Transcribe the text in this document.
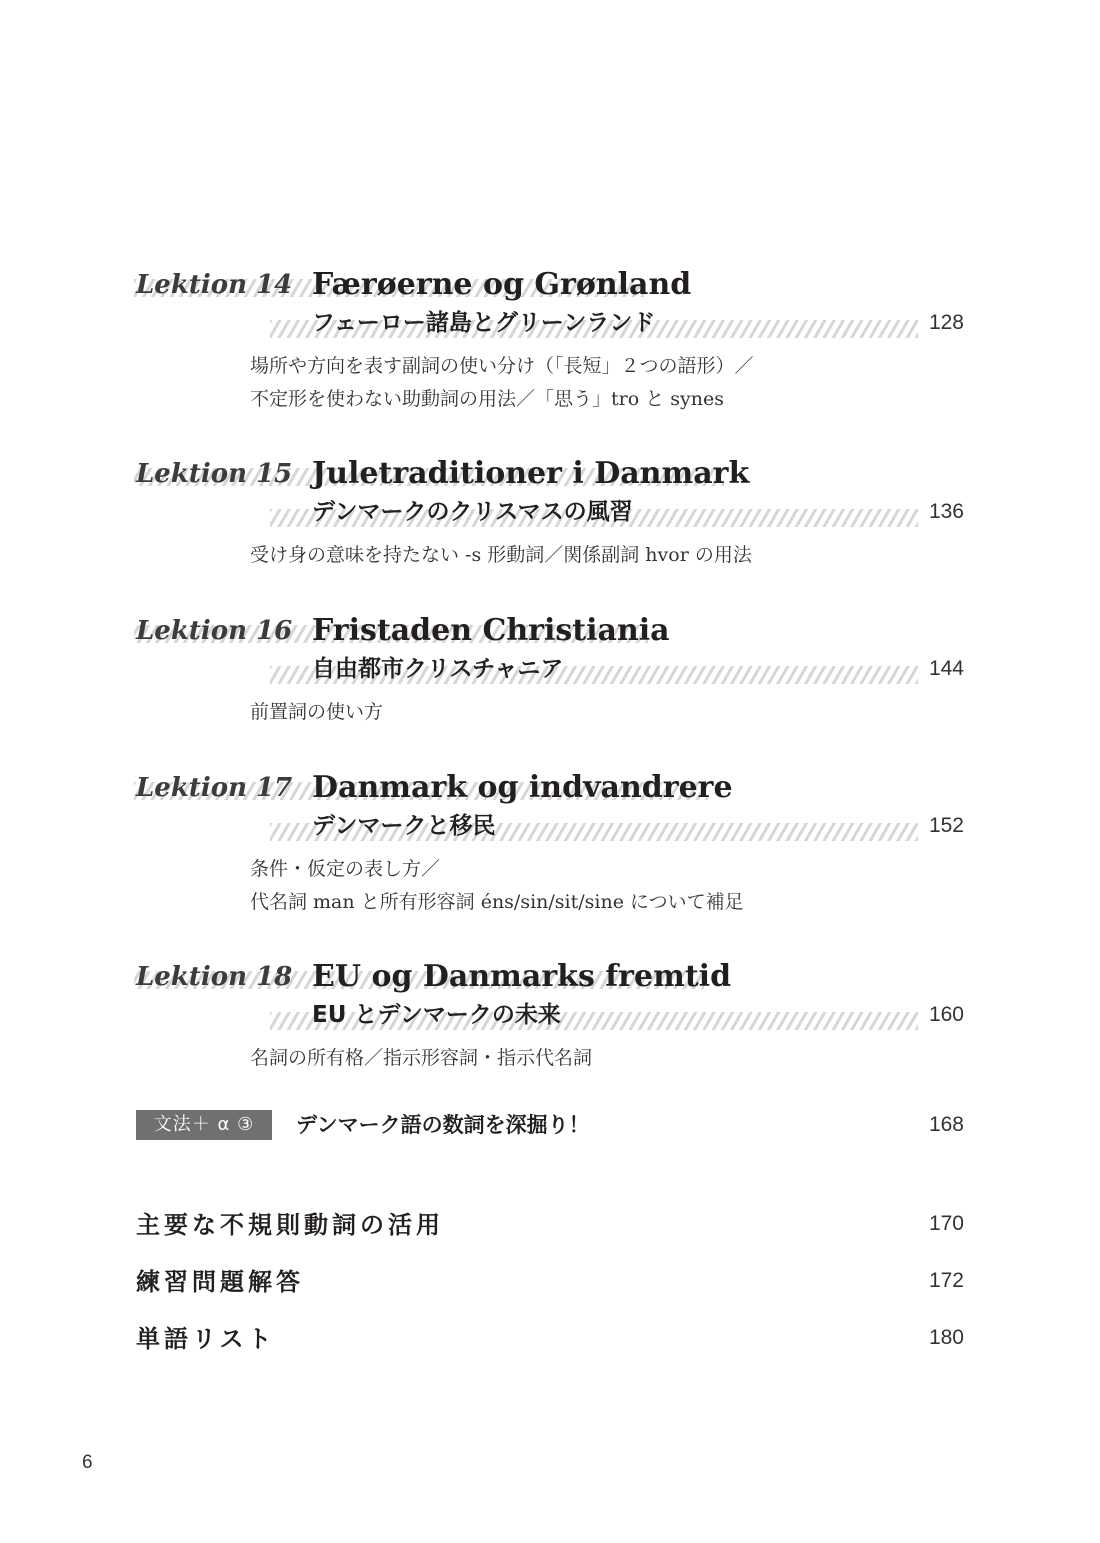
Lektion 14 Færøerne og Grønland
フェーロー諸島とグリーンランド	128
場所や方向を表す副詞の使い分け（「長短」２つの語形）／
不定形を使わない助動詞の用法／「思う」tro と synes
Lektion 15 Juletraditioner i Danmark
デンマークのクリスマスの風習	136
受け身の意味を持たない -s 形動詞／関係副詞 hvor の用法
Lektion 16 Fristaden Christiania
自由都市クリスチャニア	144
前置詞の使い方
Lektion 17 Danmark og indvandrere
デンマークと移民	152
条件・仮定の表し方／
代名詞 man と所有形容詞 éns/sin/sit/sine について補足
Lektion 18 EU og Danmarks fremtid
EU とデンマークの未来	160
名詞の所有格／指示形容詞・指示代名詞
文法＋ α ③	デンマーク語の数詞を深掘り！	168
主要な不規則動詞の活用	170
練習問題解答	172
単語リスト	180
6
